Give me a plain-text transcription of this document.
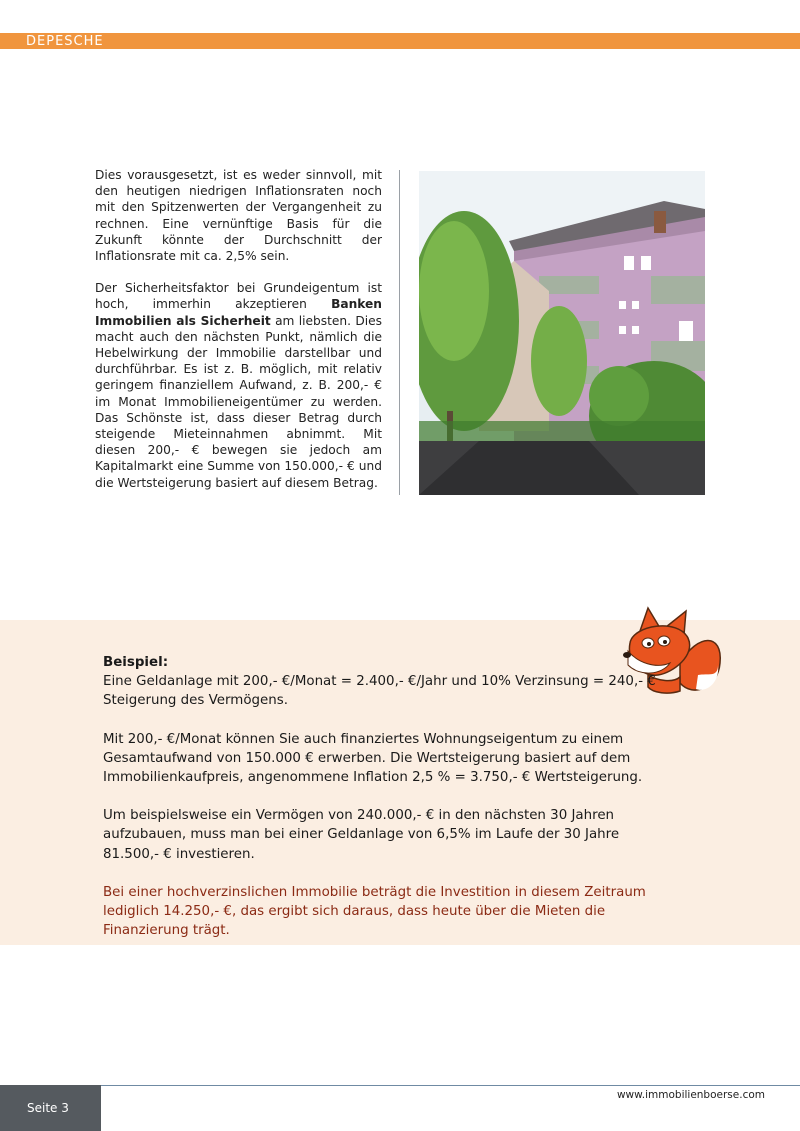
DEPESCHE

Dies vorausgesetzt, ist es weder sinnvoll, mit den heutigen niedrigen Inflationsraten noch mit den Spitzenwerten der Vergangenheit zu rechnen. Eine vernünftige Basis für die Zukunft könnte der Durchschnitt der Inflationsrate mit ca. 2,5% sein.

Der Sicherheitsfaktor bei Grundeigentum ist hoch, immerhin akzeptieren Banken Immobilien als Sicherheit am liebsten. Dies macht auch den nächsten Punkt, nämlich die Hebelwirkung der Immobilie darstellbar und durchführbar. Es ist z. B. möglich, mit relativ geringem finanziellem Aufwand, z. B. 200,- € im Monat Immobilieneigentümer zu werden. Das Schönste ist, dass dieser Betrag durch steigende Mieteinnahmen abnimmt. Mit diesen 200,- € bewegen sie jedoch am Kapitalmarkt eine Summe von 150.000,- € und die Wertsteigerung basiert auf diesem Betrag.

Beispiel:
Eine Geldanlage mit 200,- €/Monat = 2.400,- €/Jahr und 10% Verzinsung = 240,- € Steigerung des Vermögens.

Mit 200,- €/Monat können Sie auch finanziertes Wohnungseigentum zu einem Gesamtaufwand von 150.000 € erwerben. Die Wertsteigerung basiert auf dem Immobilienkaufpreis, angenommene Inflation 2,5 % = 3.750,- € Wertsteigerung.

Um beispielsweise ein Vermögen von 240.000,- € in den nächsten 30 Jahren aufzubauen, muss man bei einer Geldanlage von 6,5% im Laufe der 30 Jahre 81.500,- € investieren.

Bei einer hochverzinslichen Immobilie beträgt die Investition in diesem Zeitraum lediglich 14.250,- €, das ergibt sich daraus, dass heute über die Mieten die Finanzierung trägt.

Seite 3
www.immobilienboerse.com
